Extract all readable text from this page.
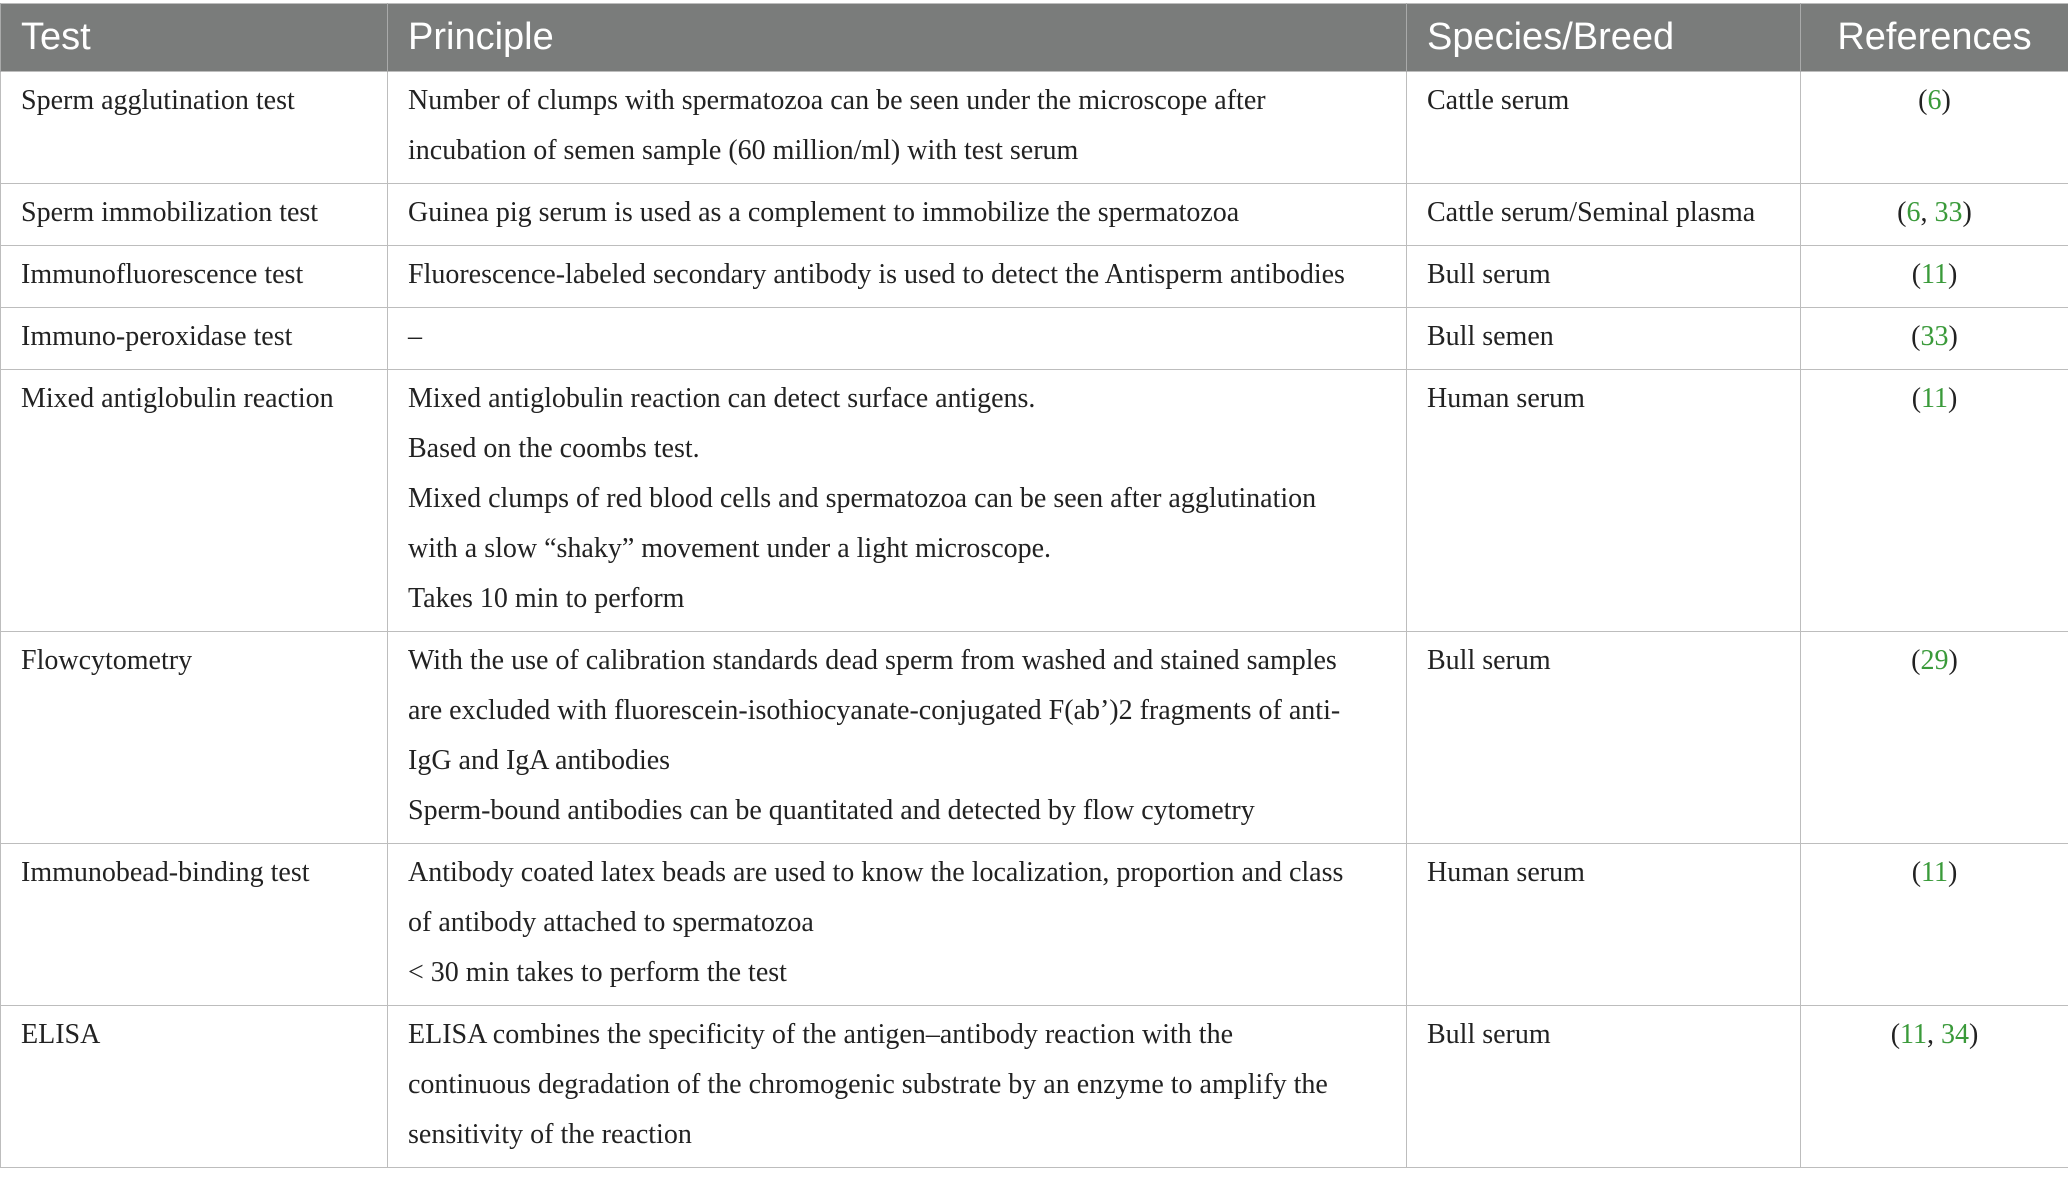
Test	Principle	Species/Breed	References
Sperm agglutination test	Number of clumps with spermatozoa can be seen under the microscope after
incubation of semen sample (60 million/ml) with test serum	Cattle serum	(6)
Sperm immobilization test	Guinea pig serum is used as a complement to immobilize the spermatozoa	Cattle serum/Seminal plasma	(6, 33)
Immunofluorescence test	Fluorescence-labeled secondary antibody is used to detect the Antisperm antibodies	Bull serum	(11)
Immuno-peroxidase test	–	Bull semen	(33)
Mixed antiglobulin reaction	Mixed antiglobulin reaction can detect surface antigens.
Based on the coombs test.
Mixed clumps of red blood cells and spermatozoa can be seen after agglutination
with a slow “shaky” movement under a light microscope.
Takes 10 min to perform	Human serum	(11)
Flowcytometry	With the use of calibration standards dead sperm from washed and stained samples
are excluded with fluorescein-isothiocyanate-conjugated F(ab’)2 fragments of anti-
IgG and IgA antibodies
Sperm-bound antibodies can be quantitated and detected by flow cytometry	Bull serum	(29)
Immunobead-binding test	Antibody coated latex beads are used to know the localization, proportion and class
of antibody attached to spermatozoa
< 30 min takes to perform the test	Human serum	(11)
ELISA	ELISA combines the specificity of the antigen–antibody reaction with the
continuous degradation of the chromogenic substrate by an enzyme to amplify the
sensitivity of the reaction	Bull serum	(11, 34)
